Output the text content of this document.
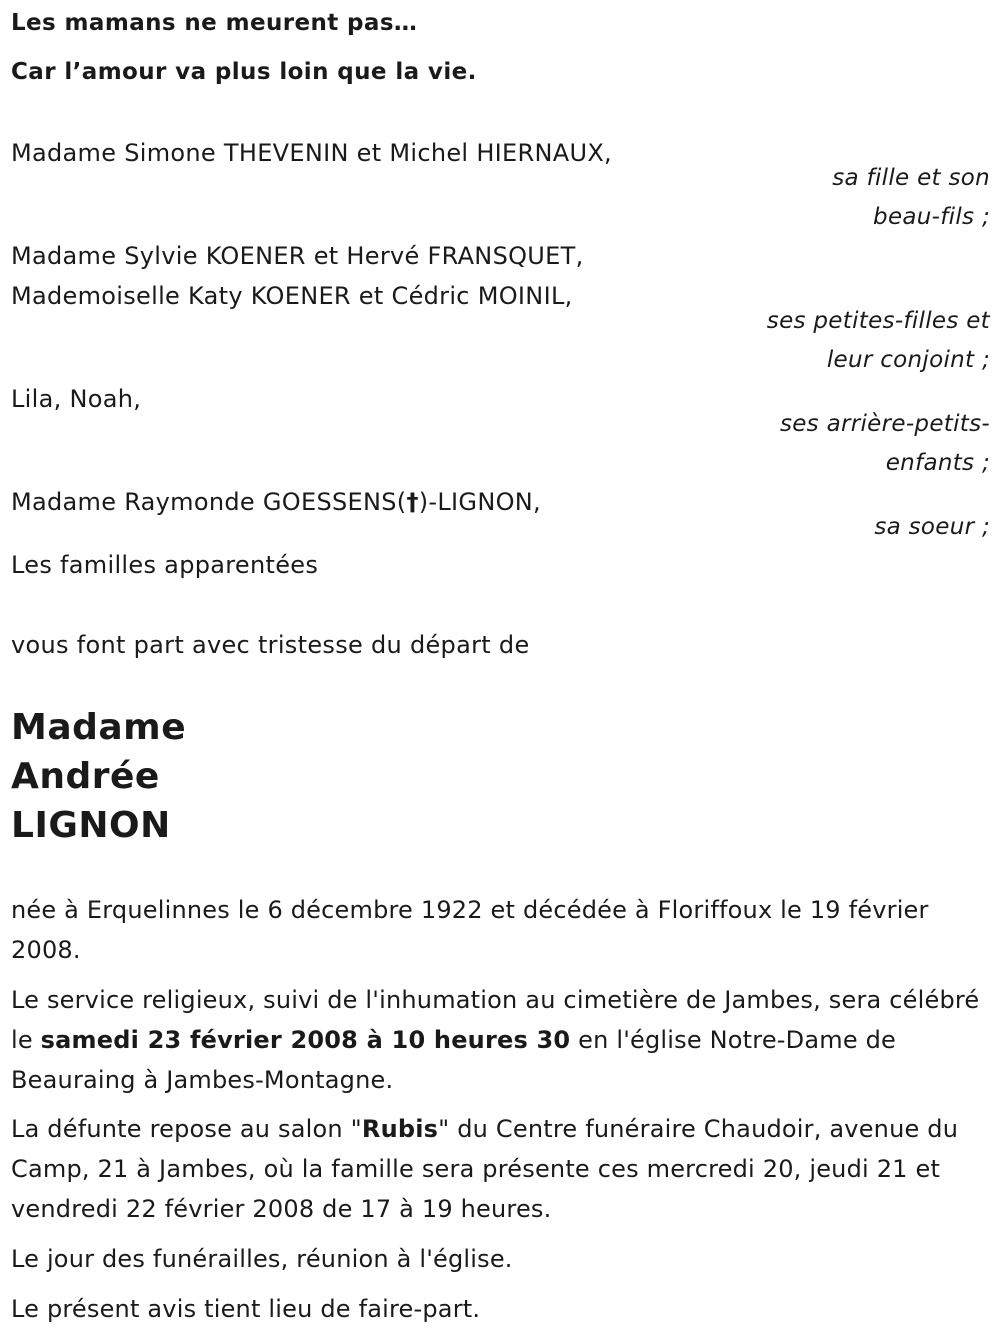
Les mamans ne meurent pas…
Car l’amour va plus loin que la vie.
Madame Simone THEVENIN et Michel HIERNAUX,
sa fille et son
beau-fils ;
Madame Sylvie KOENER et Hervé FRANSQUET,
Mademoiselle Katy KOENER et Cédric MOINIL,
ses petites-filles et
leur conjoint ;
Lila, Noah,
ses arrière-petits-
enfants ;
Madame Raymonde GOESSENS(†)-LIGNON,
sa soeur ;
Les familles apparentées
vous font part avec tristesse du départ de
Madame
Andrée
LIGNON
née à Erquelinnes le 6 décembre 1922 et décédée à Floriffoux le 19 février 2008.
Le service religieux, suivi de l'inhumation au cimetière de Jambes, sera célébré le samedi 23 février 2008 à 10 heures 30 en l'église Notre-Dame de Beauraing à Jambes-Montagne.
La défunte repose au salon "Rubis" du Centre funéraire Chaudoir, avenue du Camp, 21 à Jambes, où la famille sera présente ces mercredi 20, jeudi 21 et vendredi 22 février 2008 de 17 à 19 heures.
Le jour des funérailles, réunion à l'église.
Le présent avis tient lieu de faire-part.
